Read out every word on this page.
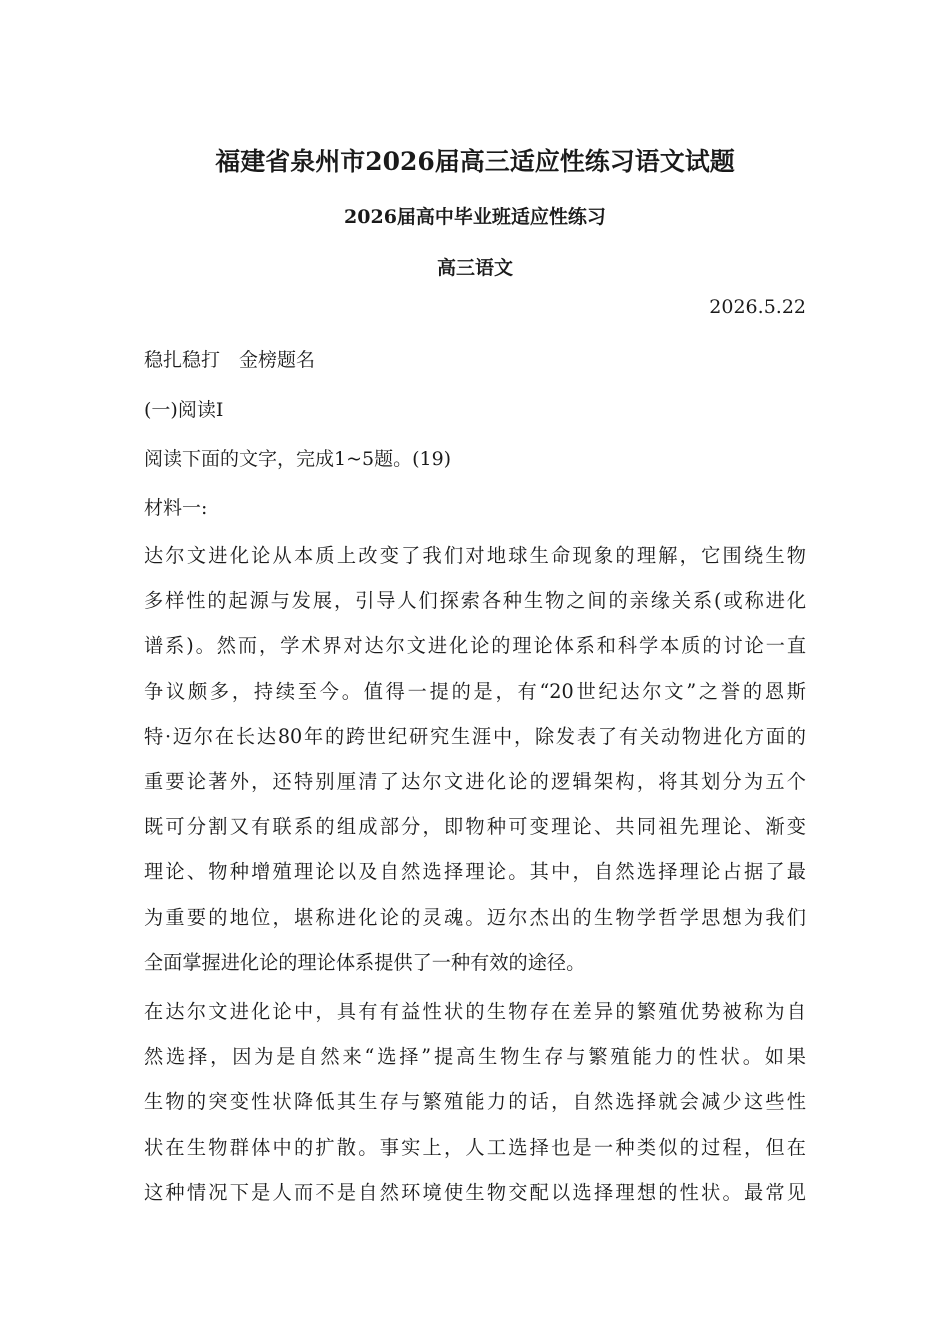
福建省泉州市2026届高三适应性练习语文试题
2026届高中毕业班适应性练习
高三语文
2026.5.22
稳扎稳打　金榜题名
(一)阅读Ⅰ
阅读下面的文字，完成1~5题。(19)
材料一:
达尔文进化论从本质上改变了我们对地球生命现象的理解，它围绕生物
多样性的起源与发展，引导人们探索各种生物之间的亲缘关系(或称进化
谱系)。然而，学术界对达尔文进化论的理论体系和科学本质的讨论一直
争议颇多，持续至今。值得一提的是，有“20世纪达尔文”之誉的恩斯
特·迈尔在长达80年的跨世纪研究生涯中，除发表了有关动物进化方面的
重要论著外，还特别厘清了达尔文进化论的逻辑架构，将其划分为五个
既可分割又有联系的组成部分，即物种可变理论、共同祖先理论、渐变
理论、物种增殖理论以及自然选择理论。其中，自然选择理论占据了最
为重要的地位，堪称进化论的灵魂。迈尔杰出的生物学哲学思想为我们
全面掌握进化论的理论体系提供了一种有效的途径。
在达尔文进化论中，具有有益性状的生物存在差异的繁殖优势被称为自
然选择，因为是自然来“选择”提高生物生存与繁殖能力的性状。如果
生物的突变性状降低其生存与繁殖能力的话，自然选择就会减少这些性
状在生物群体中的扩散。事实上，人工选择也是一种类似的过程，但在
这种情况下是人而不是自然环境使生物交配以选择理想的性状。最常见
